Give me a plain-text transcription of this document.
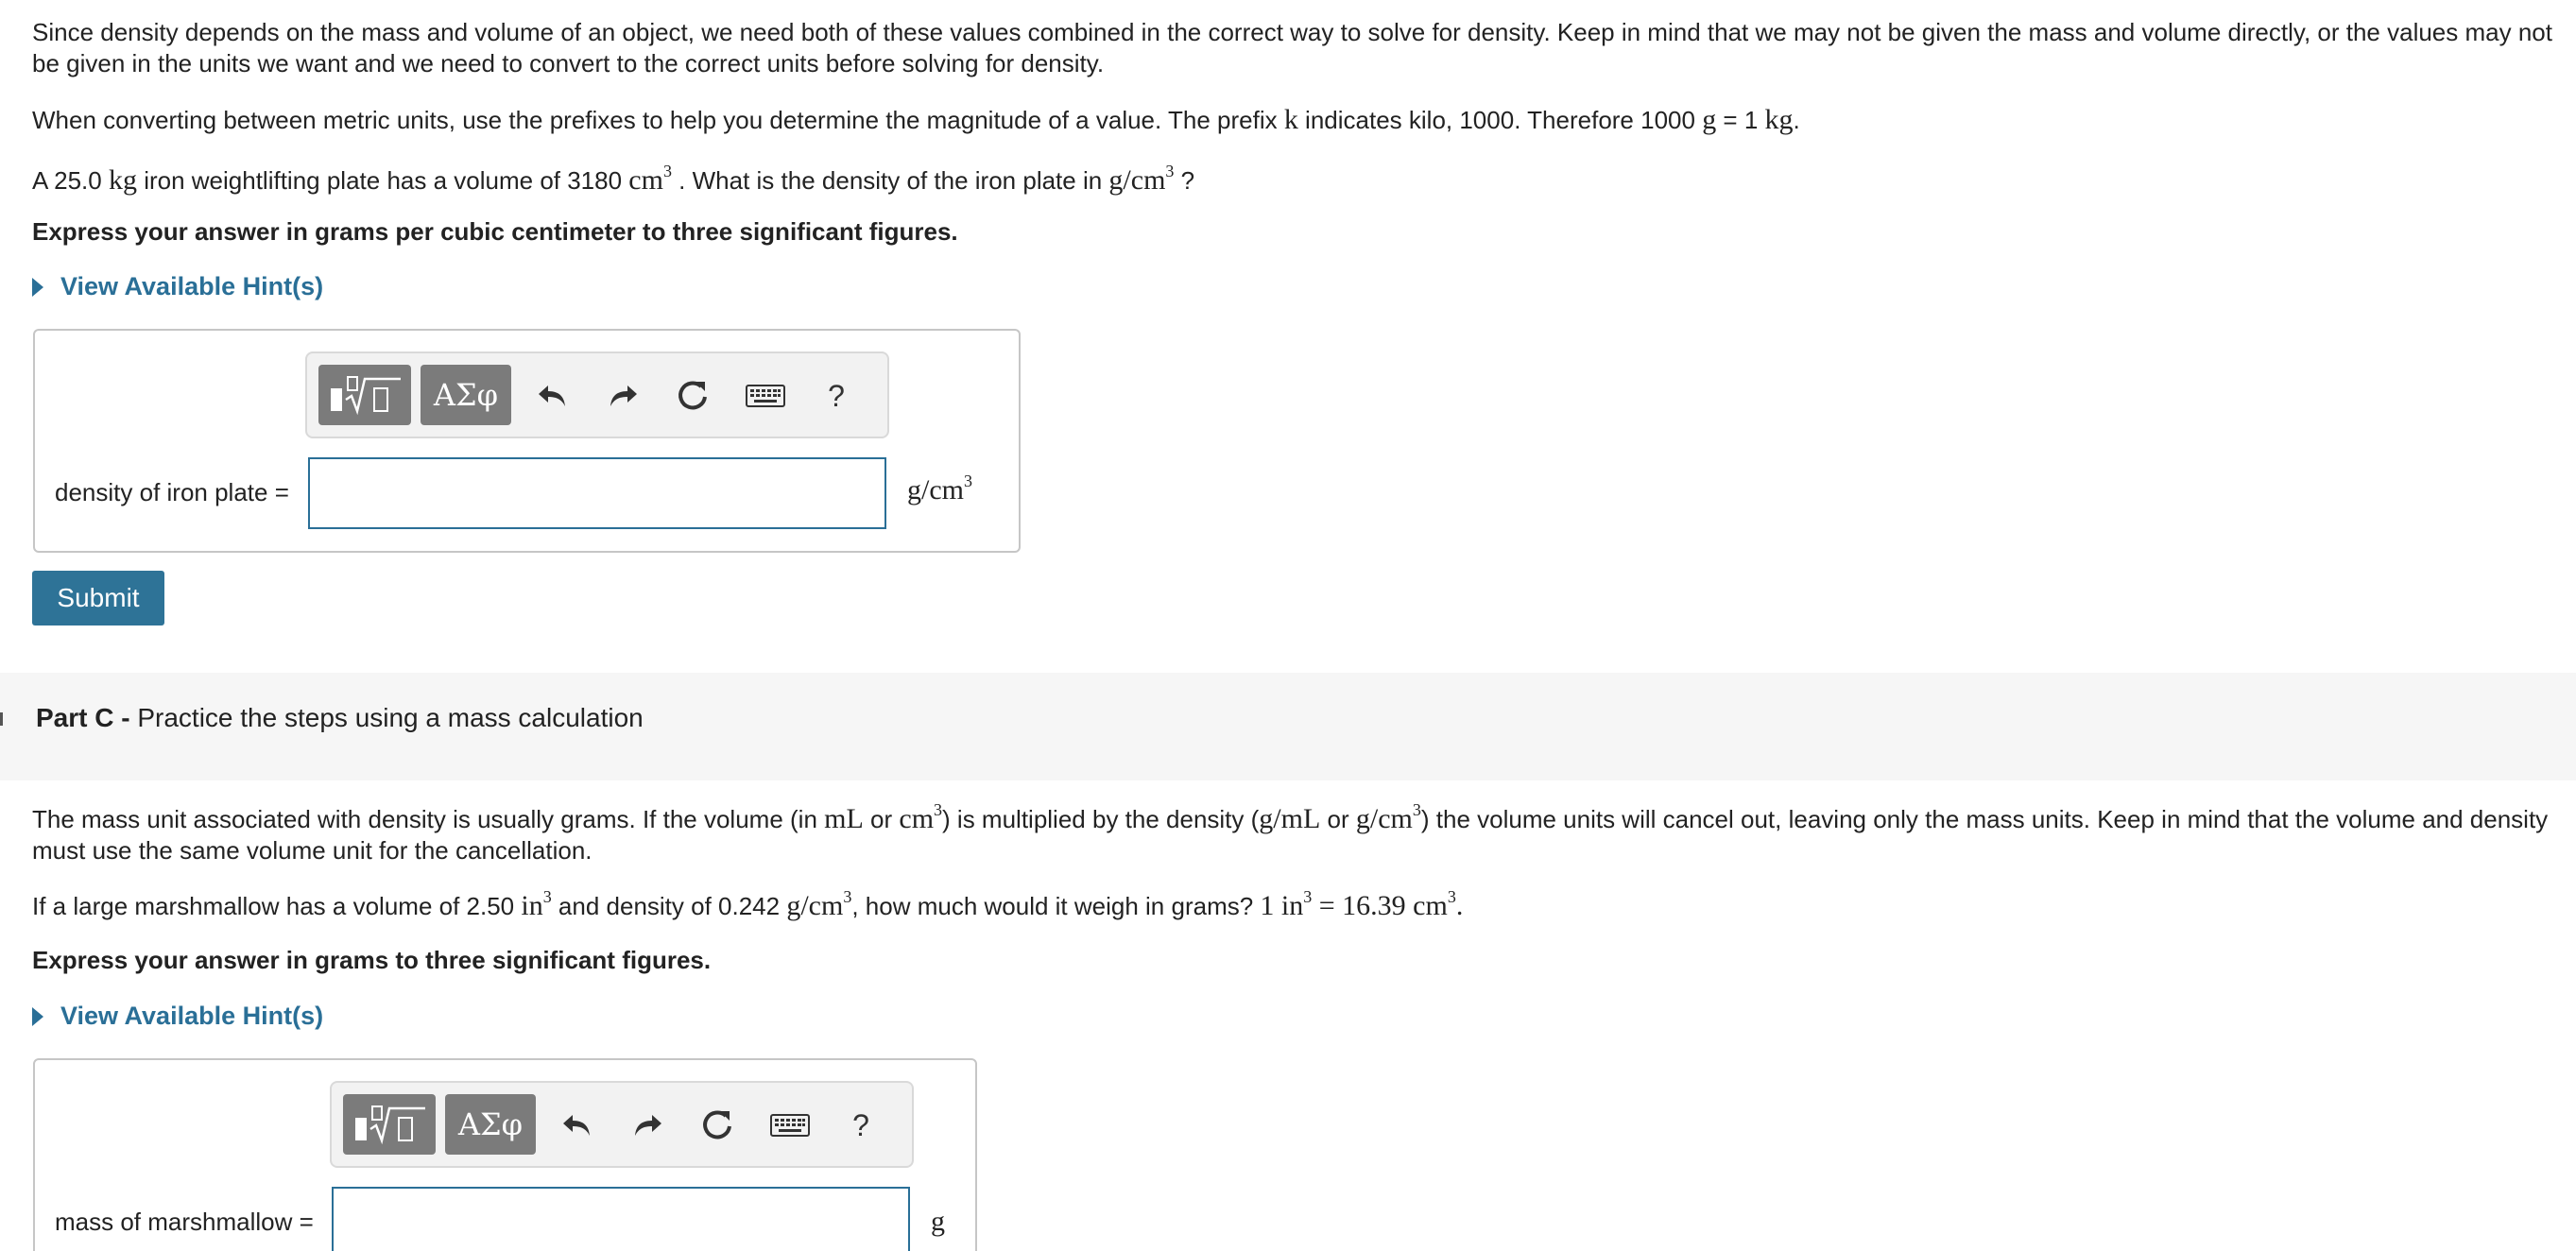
Since density depends on the mass and volume of an object, we need both of these values combined in the correct way to solve for density. Keep in mind that we may not be given the mass and volume directly, or the values may not be given in the units we want and we need to convert to the correct units before solving for density.
When converting between metric units, use the prefixes to help you determine the magnitude of a value. The prefix k indicates kilo, 1000. Therefore 1000 g = 1 kg.
A 25.0 kg iron weightlifting plate has a volume of 3180 $cm^3$ . What is the density of the iron plate in $g/cm^3$ ?
Express your answer in grams per cubic centimeter to three significant figures.
View Available Hint(s)
ΑΣφ	?
density of iron plate =	$g/cm^3$
Submit
Part C - Practice the steps using a mass calculation
The mass unit associated with density is usually grams. If the volume (in mL or $cm^3$) is multiplied by the density (g/mL or $g/cm^3$) the volume units will cancel out, leaving only the mass units. Keep in mind that the volume and density must use the same volume unit for the cancellation.
If a large marshmallow has a volume of 2.50 $in^3$ and density of 0.242 $g/cm^3$, how much would it weigh in grams? 1 $in^3 = 16.39$ $cm^3$.
Express your answer in grams to three significant figures.
View Available Hint(s)
ΑΣφ	?
mass of marshmallow =	g
